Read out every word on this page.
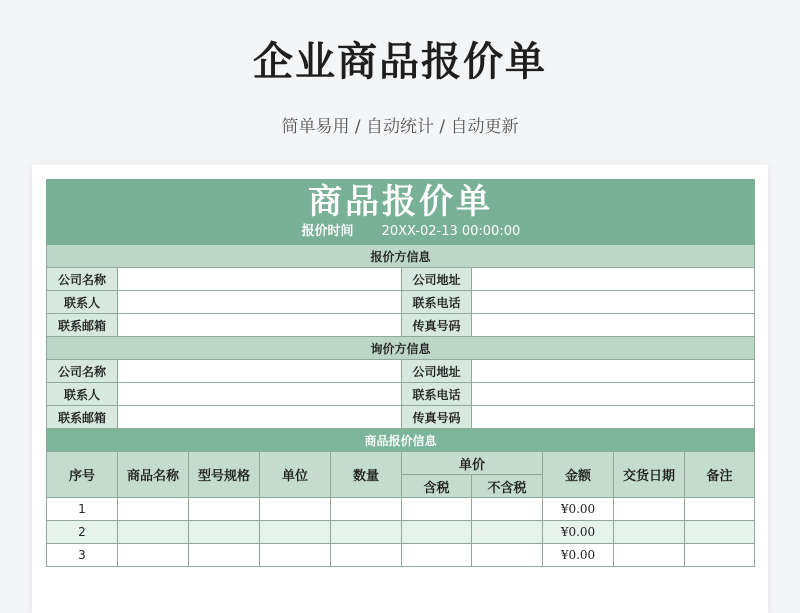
企业商品报价单
简单易用 / 自动统计 / 自动更新
商品报价单
报价时间 20XX-02-13 00:00:00									

报价方信息									
公司名称					公司地址				
联系人					联系电话				
联系邮箱					传真号码				
询价方信息									
公司名称					公司地址				
联系人					联系电话				
联系邮箱					传真号码				
商品报价信息									
序号	商品名称	型号规格	单位	数量	单价		金额	交货日期	备注
					含税	不含税			
1							¥0.00		
2							¥0.00		
3							¥0.00		
